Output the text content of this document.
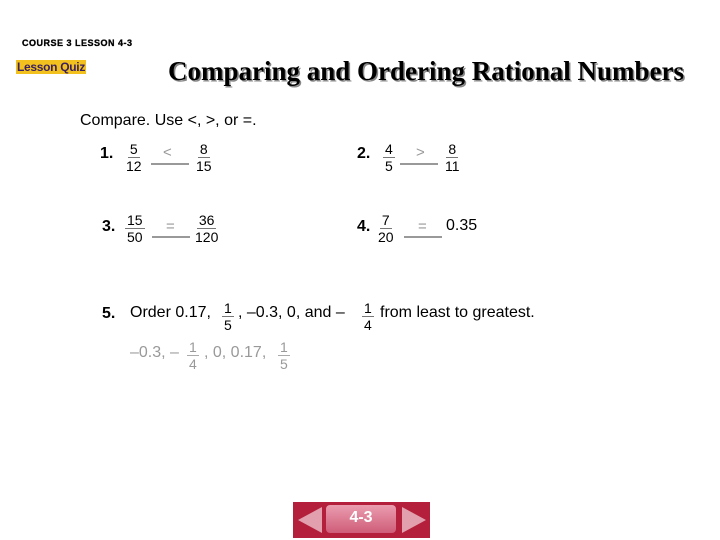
COURSE 3 LESSON 4-3
Lesson Quiz	Comparing and Ordering Rational Numbers
Compare. Use <, >, or =.
1. $\frac{5}{12} < \frac{8}{15}$	2. $\frac{4}{5} > \frac{8}{11}$
3. $\frac{15}{50} = \frac{36}{120}$	4. $\frac{7}{20} = 0.35$
5. Order 0.17, $\frac{1}{5}$ , –0.3, 0, and – $\frac{1}{4}$ from least to greatest.
–0.3, – $\frac{1}{4}$ , 0, 0.17, $\frac{1}{5}$
4-3
